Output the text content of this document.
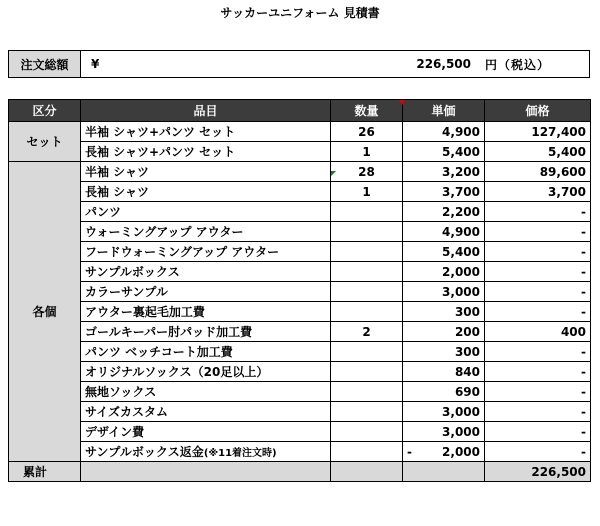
サッカーユニフォーム 見積書
注文総額	¥	226,500	円（税込）
区分	品目	数量	単価	価格
セット	半袖 シャツ+パンツ セット	26	4,900	127,400
	長袖 シャツ+パンツ セット	1	5,400	5,400
各個	半袖 シャツ	28	3,200	89,600
	長袖 シャツ	1	3,700	3,700
	パンツ		2,200	-
	ウォーミングアップ アウター		4,900	-
	フードウォーミングアップ アウター		5,400	-
	サンプルボックス		2,000	-
	カラーサンプル		3,000	-
	アウター裏起毛加工費		300	-
	ゴールキーパー肘パッド加工費	2	200	400
	パンツ ベッチコート加工費		300	-
	オリジナルソックス（20足以上）		840	-
	無地ソックス		690	-
	サイズカスタム		3,000	-
	デザイン費		3,000	-
	サンプルボックス返金(※11着注文時)		- 2,000	-
累計				226,500
